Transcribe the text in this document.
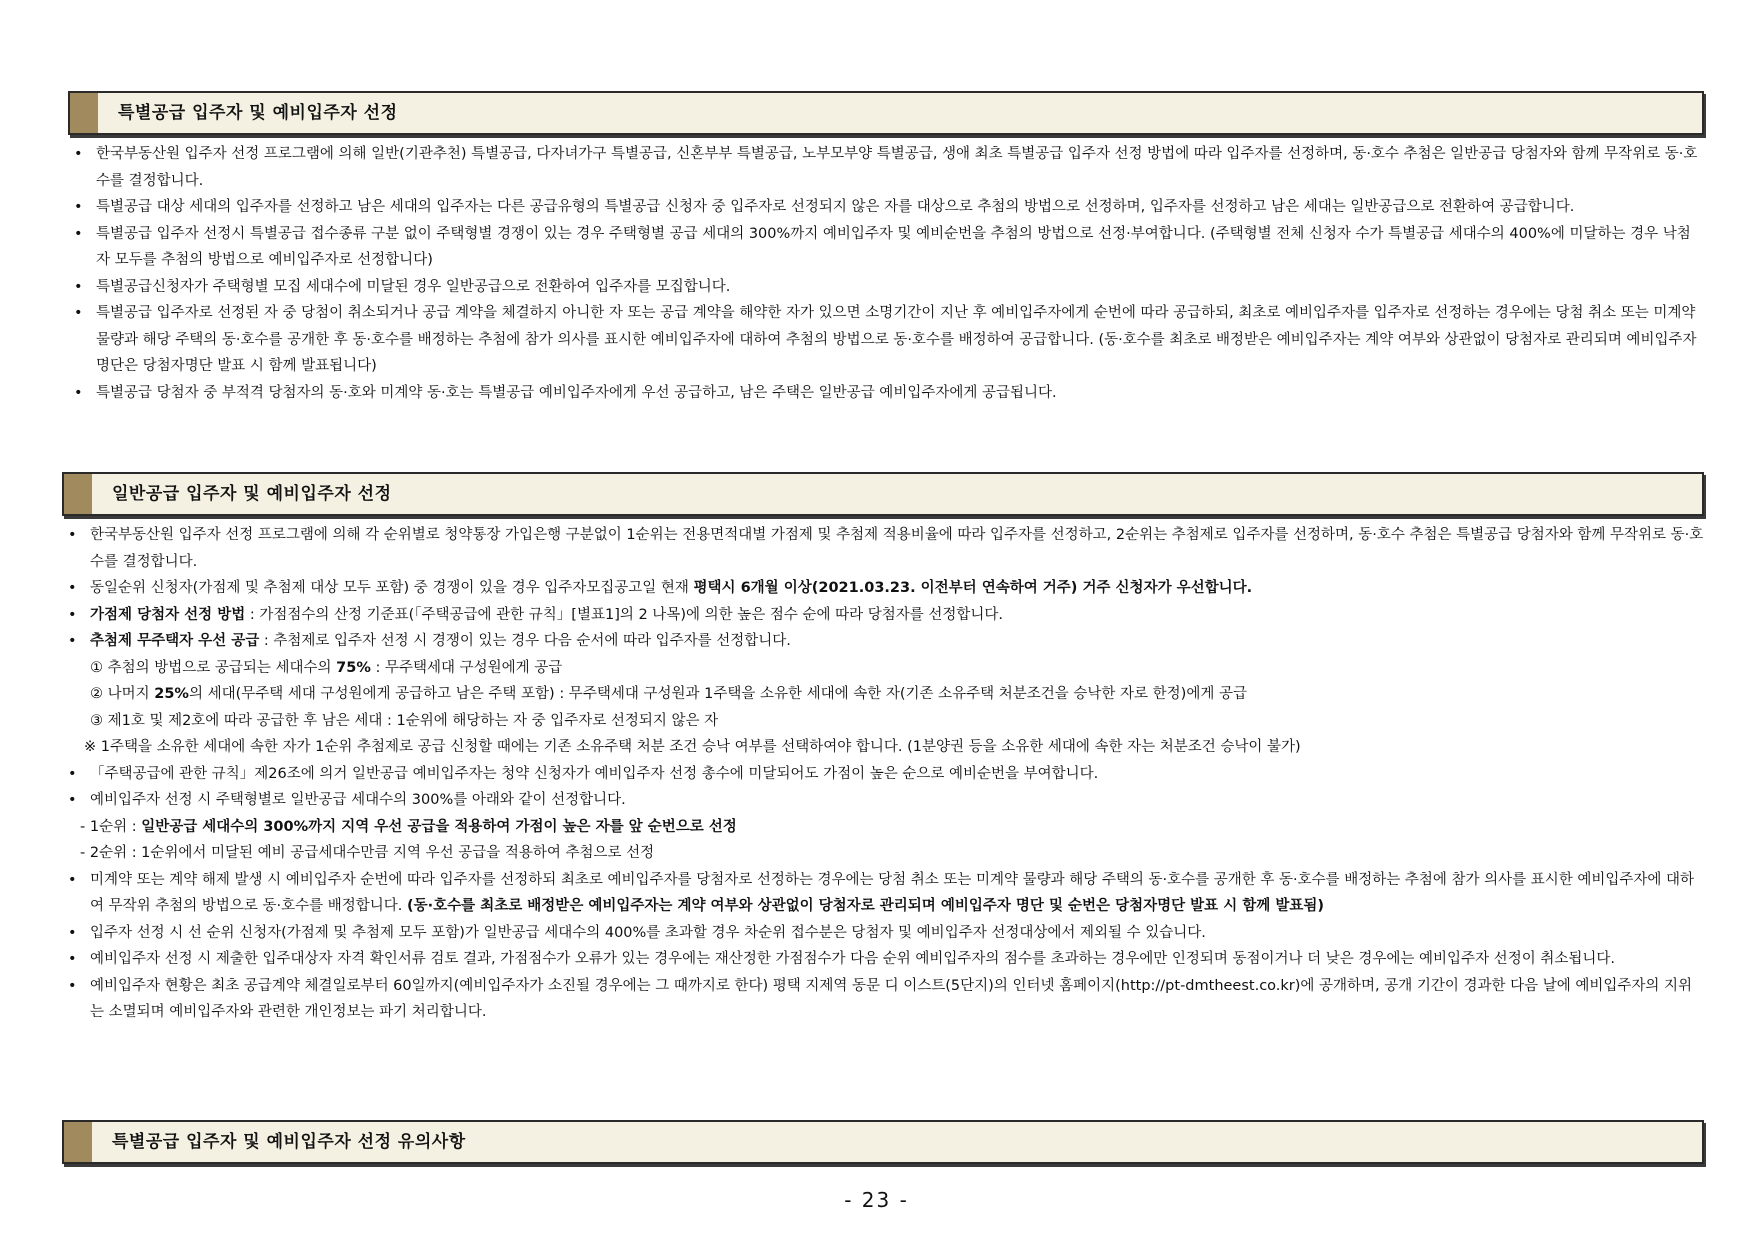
특별공급 입주자 및 예비입주자 선정
• 한국부동산원 입주자 선정 프로그램에 의해 일반(기관추천) 특별공급, 다자녀가구 특별공급, 신혼부부 특별공급, 노부모부양 특별공급, 생애 최초 특별공급 입주자 선정 방법에 따라 입주자를 선정하며, 동·호수 추첨은 일반공급 당첨자와 함께 무작위로 동·호수를 결정합니다.
• 특별공급 대상 세대의 입주자를 선정하고 남은 세대의 입주자는 다른 공급유형의 특별공급 신청자 중 입주자로 선정되지 않은 자를 대상으로 추첨의 방법으로 선정하며, 입주자를 선정하고 남은 세대는 일반공급으로 전환하여 공급합니다.
• 특별공급 입주자 선정시 특별공급 접수종류 구분 없이 주택형별 경쟁이 있는 경우 주택형별 공급 세대의 300%까지 예비입주자 및 예비순번을 추첨의 방법으로 선정·부여합니다. (주택형별 전체 신청자 수가 특별공급 세대수의 400%에 미달하는 경우 낙첨자 모두를 추첨의 방법으로 예비입주자로 선정합니다)
• 특별공급신청자가 주택형별 모집 세대수에 미달된 경우 일반공급으로 전환하여 입주자를 모집합니다.
• 특별공급 입주자로 선정된 자 중 당첨이 취소되거나 공급 계약을 체결하지 아니한 자 또는 공급 계약을 해약한 자가 있으면 소명기간이 지난 후 예비입주자에게 순번에 따라 공급하되, 최초로 예비입주자를 입주자로 선정하는 경우에는 당첨 취소 또는 미계약 물량과 해당 주택의 동·호수를 공개한 후 동·호수를 배정하는 추첨에 참가 의사를 표시한 예비입주자에 대하여 추첨의 방법으로 동·호수를 배정하여 공급합니다. (동·호수를 최초로 배정받은 예비입주자는 계약 여부와 상관없이 당첨자로 관리되며 예비입주자 명단은 당첨자명단 발표 시 함께 발표됩니다)
• 특별공급 당첨자 중 부적격 당첨자의 동·호와 미계약 동·호는 특별공급 예비입주자에게 우선 공급하고, 남은 주택은 일반공급 예비입주자에게 공급됩니다.
일반공급 입주자 및 예비입주자 선정
• 한국부동산원 입주자 선정 프로그램에 의해 각 순위별로 청약통장 가입은행 구분없이 1순위는 전용면적대별 가점제 및 추첨제 적용비율에 따라 입주자를 선정하고, 2순위는 추첨제로 입주자를 선정하며, 동·호수 추첨은 특별공급 당첨자와 함께 무작위로 동·호수를 결정합니다.
• 동일순위 신청자(가점제 및 추첨제 대상 모두 포함) 중 경쟁이 있을 경우 입주자모집공고일 현재 평택시 6개월 이상(2021.03.23. 이전부터 연속하여 거주) 거주 신청자가 우선합니다.
• 가점제 당첨자 선정 방법 : 가점점수의 산정 기준표(「주택공급에 관한 규칙」[별표1]의 2 나목)에 의한 높은 점수 순에 따라 당첨자를 선정합니다.
• 추첨제 무주택자 우선 공급 : 추첨제로 입주자 선정 시 경쟁이 있는 경우 다음 순서에 따라 입주자를 선정합니다.
① 추첨의 방법으로 공급되는 세대수의 75% : 무주택세대 구성원에게 공급
② 나머지 25%의 세대(무주택 세대 구성원에게 공급하고 남은 주택 포함) : 무주택세대 구성원과 1주택을 소유한 세대에 속한 자(기존 소유주택 처분조건을 승낙한 자로 한정)에게 공급
③ 제1호 및 제2호에 따라 공급한 후 남은 세대 : 1순위에 해당하는 자 중 입주자로 선정되지 않은 자
※ 1주택을 소유한 세대에 속한 자가 1순위 추첨제로 공급 신청할 때에는 기존 소유주택 처분 조건 승낙 여부를 선택하여야 합니다. (1분양권 등을 소유한 세대에 속한 자는 처분조건 승낙이 불가)
• 「주택공급에 관한 규칙」제26조에 의거 일반공급 예비입주자는 청약 신청자가 예비입주자 선정 총수에 미달되어도 가점이 높은 순으로 예비순번을 부여합니다.
• 예비입주자 선정 시 주택형별로 일반공급 세대수의 300%를 아래와 같이 선정합니다.
- 1순위 : 일반공급 세대수의 300%까지 지역 우선 공급을 적용하여 가점이 높은 자를 앞 순번으로 선정
- 2순위 : 1순위에서 미달된 예비 공급세대수만큼 지역 우선 공급을 적용하여 추첨으로 선정
• 미계약 또는 계약 해제 발생 시 예비입주자 순번에 따라 입주자를 선정하되 최초로 예비입주자를 당첨자로 선정하는 경우에는 당첨 취소 또는 미계약 물량과 해당 주택의 동·호수를 공개한 후 동·호수를 배정하는 추첨에 참가 의사를 표시한 예비입주자에 대하여 무작위 추첨의 방법으로 동·호수를 배정합니다. (동·호수를 최초로 배정받은 예비입주자는 계약 여부와 상관없이 당첨자로 관리되며 예비입주자 명단 및 순번은 당첨자명단 발표 시 함께 발표됨)
• 입주자 선정 시 선 순위 신청자(가점제 및 추첨제 모두 포함)가 일반공급 세대수의 400%를 초과할 경우 차순위 접수분은 당첨자 및 예비입주자 선정대상에서 제외될 수 있습니다.
• 예비입주자 선정 시 제출한 입주대상자 자격 확인서류 검토 결과, 가점점수가 오류가 있는 경우에는 재산정한 가점점수가 다음 순위 예비입주자의 점수를 초과하는 경우에만 인정되며 동점이거나 더 낮은 경우에는 예비입주자 선정이 취소됩니다.
• 예비입주자 현황은 최초 공급계약 체결일로부터 60일까지(예비입주자가 소진될 경우에는 그 때까지로 한다) 평택 지제역 동문 디 이스트(5단지)의 인터넷 홈페이지(http://pt-dmtheest.co.kr)에 공개하며, 공개 기간이 경과한 다음 날에 예비입주자의 지위는 소멸되며 예비입주자와 관련한 개인정보는 파기 처리합니다.
특별공급 입주자 및 예비입주자 선정 유의사항
- 23 -
